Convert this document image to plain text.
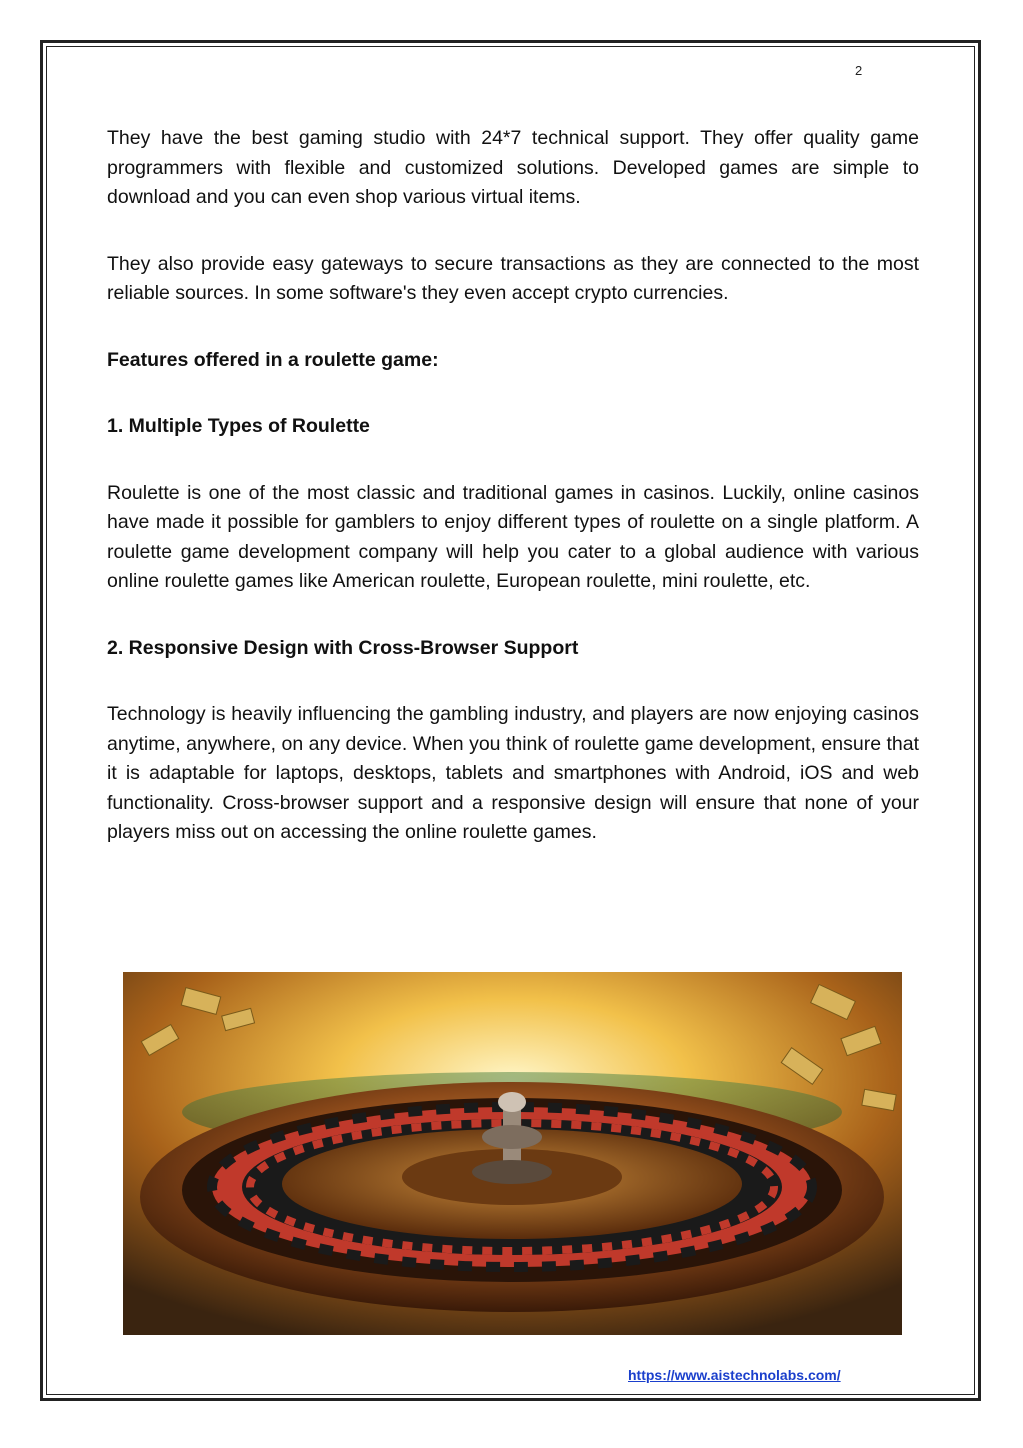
2

They have the best gaming studio with 24*7 technical support. They offer quality game programmers with flexible and customized solutions. Developed games are simple to download and you can even shop various virtual items.

They also provide easy gateways to secure transactions as they are connected to the most reliable sources. In some software's they even accept crypto currencies.

Features offered in a roulette game:

1. Multiple Types of Roulette

Roulette is one of the most classic and traditional games in casinos. Luckily, online casinos have made it possible for gamblers to enjoy different types of roulette on a single platform. A roulette game development company will help you cater to a global audience with various online roulette games like American roulette, European roulette, mini roulette, etc.

2. Responsive Design with Cross-Browser Support

Technology is heavily influencing the gambling industry, and players are now enjoying casinos anytime, anywhere, on any device. When you think of roulette game development, ensure that it is adaptable for laptops, desktops, tablets and smartphones with Android, iOS and web functionality. Cross-browser support and a responsive design will ensure that none of your players miss out on accessing the online roulette games.

https://www.aistechnolabs.com/
